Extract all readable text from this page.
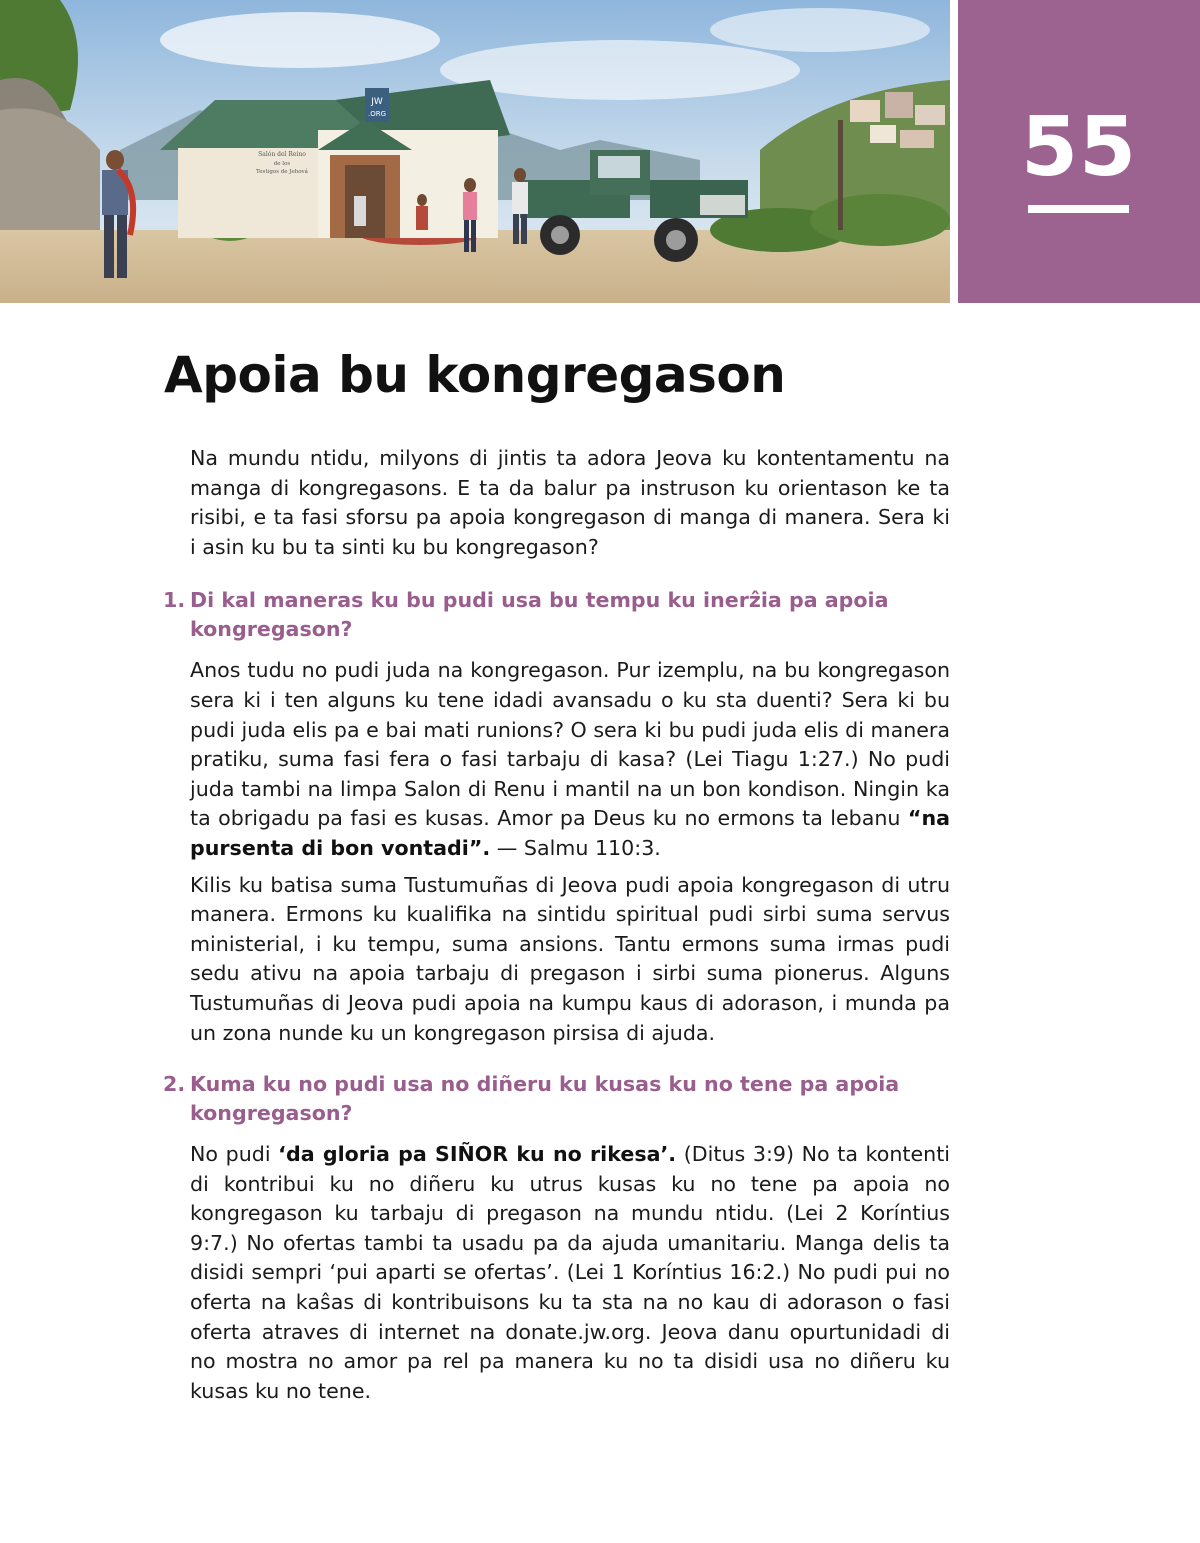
JW
.ORG
Salón del Reino
de los
Testigos de Jehová	55
Apoia bu kongregason

Na mundu ntidu, milyons di jintis ta adora Jeova ku kontentamentu na manga di kongregasons. E ta da balur pa instruson ku orientason ke ta risibi, e ta fasi sforsu pa apoia kongregason di manga di manera. Sera ki i asin ku bu ta sinti ku bu kongregason?

1. Di kal maneras ku bu pudi usa bu tempu ku inerẑia pa apoia kongregason?

Anos tudu no pudi juda na kongregason. Pur izemplu, na bu kongregason sera ki i ten alguns ku tene idadi avansadu o ku sta duenti? Sera ki bu pudi juda elis pa e bai mati runions? O sera ki bu pudi juda elis di manera pratiku, suma fasi fera o fasi tarbaju di kasa? (Lei Tiagu 1:27.) No pudi juda tambi na limpa Salon di Renu i mantil na un bon kondison. Ningin ka ta obrigadu pa fasi es kusas. Amor pa Deus ku no ermons ta lebanu “na pursenta di bon vontadi”. — Salmu 110:3.

Kilis ku batisa suma Tustumuñas di Jeova pudi apoia kongregason di utru manera. Ermons ku kualifika na sintidu spiritual pudi sirbi suma servus ministerial, i ku tempu, suma ansions. Tantu ermons suma irmas pudi sedu ativu na apoia tarbaju di pregason i sirbi suma pionerus. Alguns Tustumuñas di Jeova pudi apoia na kumpu kaus di adorason, i munda pa un zona nunde ku un kongregason pirsisa di ajuda.

2. Kuma ku no pudi usa no diñeru ku kusas ku no tene pa apoia kongregason?

No pudi ‘da gloria pa SIÑOR ku no rikesa’. (Ditus 3:9) No ta kontenti di kontribui ku no diñeru ku utrus kusas ku no tene pa apoia no kongregason ku tarbaju di pregason na mundu ntidu. (Lei 2 Koríntius 9:7.) No ofertas tambi ta usadu pa da ajuda umanitariu. Manga delis ta disidi sempri ‘pui aparti se ofertas’. (Lei 1 Koríntius 16:2.) No pudi pui no oferta na kaŝas di kontribuisons ku ta sta na no kau di adorason o fasi oferta atraves di internet na donate.jw.org. Jeova danu opurtunidadi di no mostra no amor pa rel pa manera ku no ta disidi usa no diñeru ku kusas ku no tene.
